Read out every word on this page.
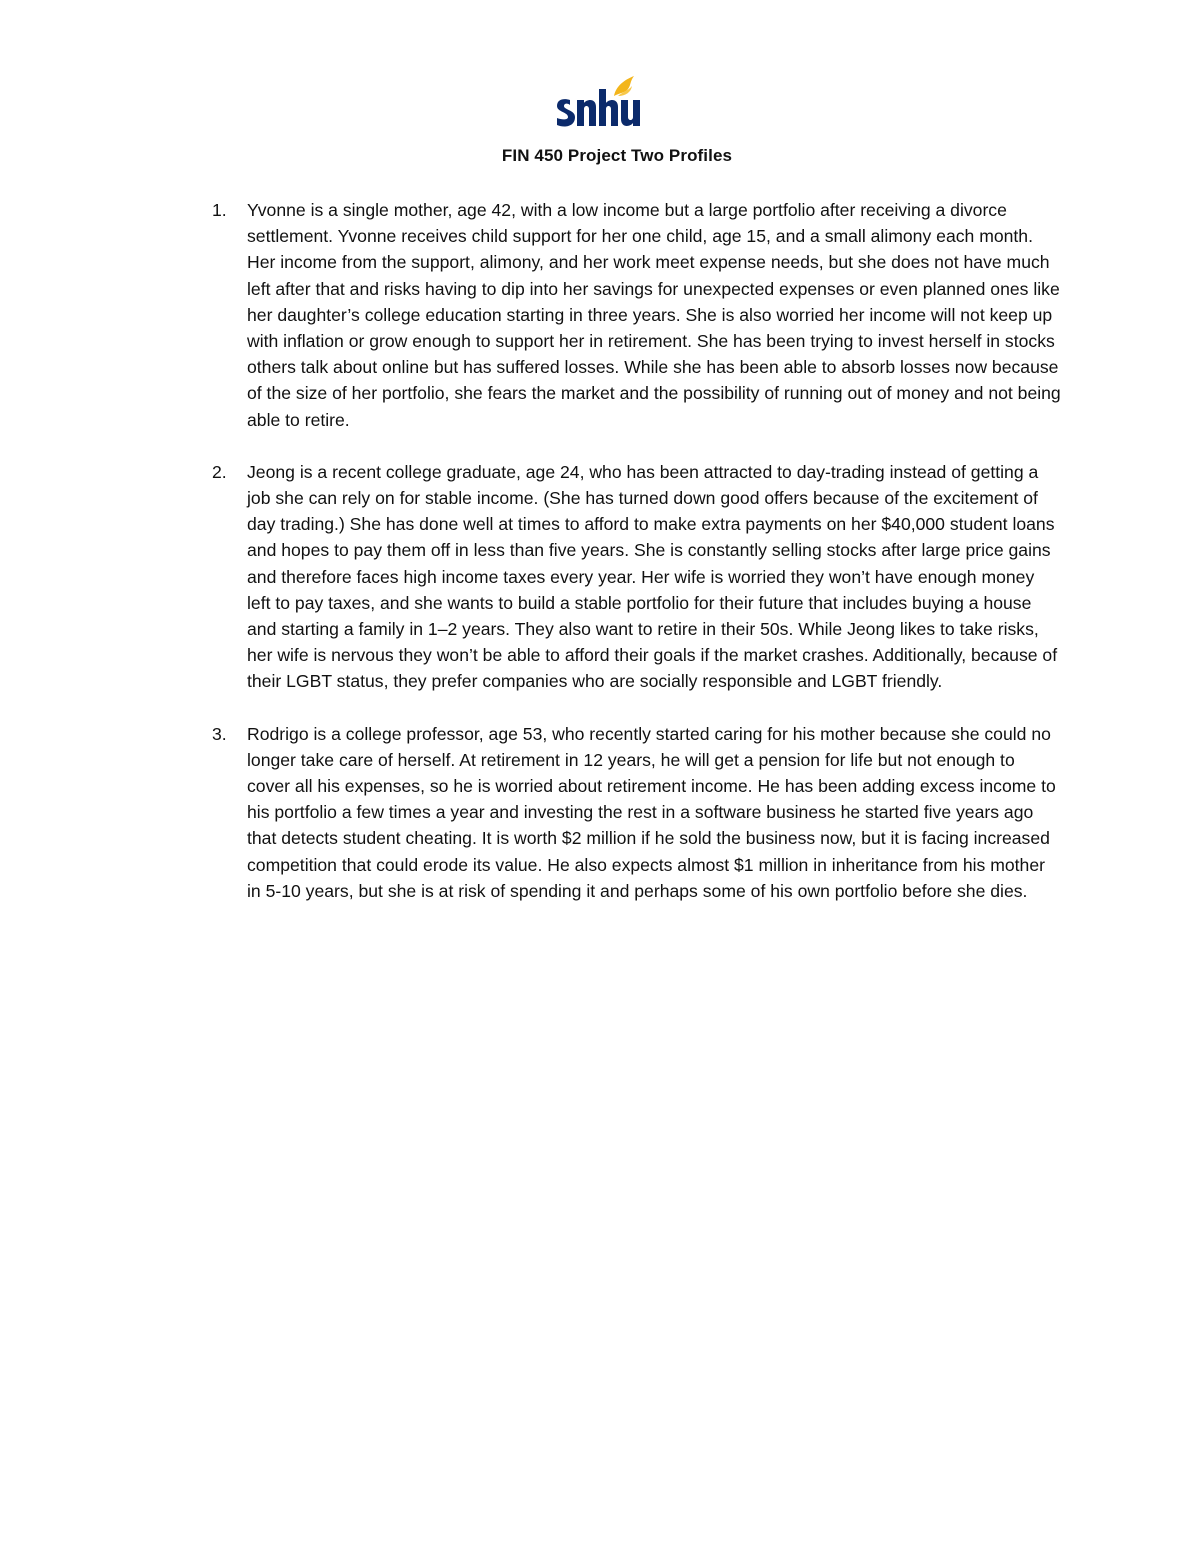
FIN 450 Project Two Profiles
1. Yvonne is a single mother, age 42, with a low income but a large portfolio after receiving a divorce settlement. Yvonne receives child support for her one child, age 15, and a small alimony each month. Her income from the support, alimony, and her work meet expense needs, but she does not have much left after that and risks having to dip into her savings for unexpected expenses or even planned ones like her daughter’s college education starting in three years. She is also worried her income will not keep up with inflation or grow enough to support her in retirement. She has been trying to invest herself in stocks others talk about online but has suffered losses. While she has been able to absorb losses now because of the size of her portfolio, she fears the market and the possibility of running out of money and not being able to retire.
2. Jeong is a recent college graduate, age 24, who has been attracted to day-trading instead of getting a job she can rely on for stable income. (She has turned down good offers because of the excitement of day trading.) She has done well at times to afford to make extra payments on her $40,000 student loans and hopes to pay them off in less than five years. She is constantly selling stocks after large price gains and therefore faces high income taxes every year. Her wife is worried they won’t have enough money left to pay taxes, and she wants to build a stable portfolio for their future that includes buying a house and starting a family in 1–2 years. They also want to retire in their 50s. While Jeong likes to take risks, her wife is nervous they won’t be able to afford their goals if the market crashes. Additionally, because of their LGBT status, they prefer companies who are socially responsible and LGBT friendly.
3. Rodrigo is a college professor, age 53, who recently started caring for his mother because she could no longer take care of herself. At retirement in 12 years, he will get a pension for life but not enough to cover all his expenses, so he is worried about retirement income. He has been adding excess income to his portfolio a few times a year and investing the rest in a software business he started five years ago that detects student cheating. It is worth $2 million if he sold the business now, but it is facing increased competition that could erode its value. He also expects almost $1 million in inheritance from his mother in 5-10 years, but she is at risk of spending it and perhaps some of his own portfolio before she dies.
